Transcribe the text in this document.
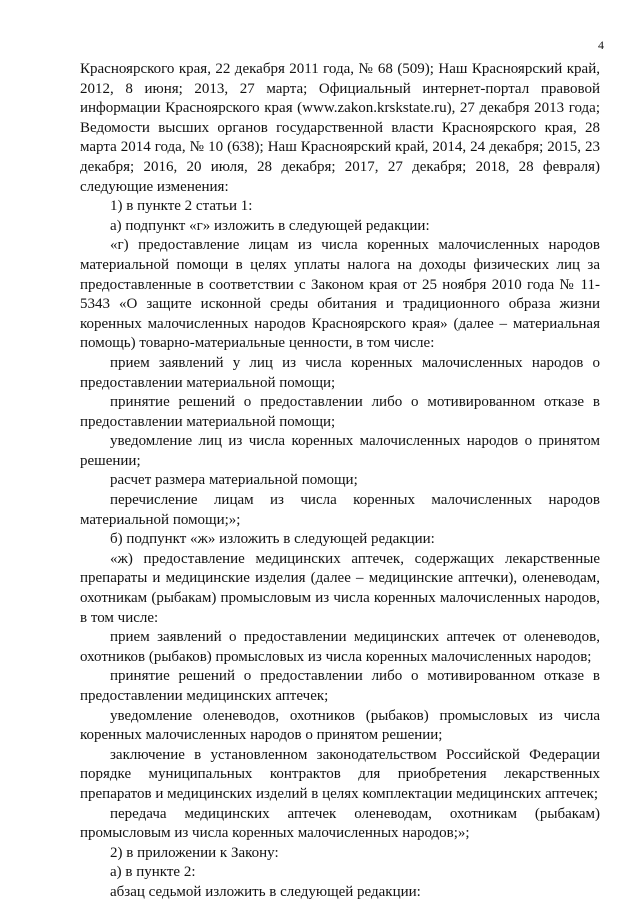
4

Красноярского края, 22 декабря 2011 года, № 68 (509); Наш Красноярский край, 2012, 8 июня; 2013, 27 марта; Официальный интернет-портал правовой информации Красноярского края (www.zakon.krskstate.ru), 27 декабря 2013 года; Ведомости высших органов государственной власти Красноярского края, 28 марта 2014 года, № 10 (638); Наш Красноярский край, 2014, 24 декабря; 2015, 23 декабря; 2016, 20 июля, 28 декабря; 2017, 27 декабря; 2018, 28 февраля) следующие изменения:

1) в пункте 2 статьи 1:

а) подпункт «г» изложить в следующей редакции:

«г) предоставление лицам из числа коренных малочисленных народов материальной помощи в целях уплаты налога на доходы физических лиц за предоставленные в соответствии с Законом края от 25 ноября 2010 года № 11-5343 «О защите исконной среды обитания и традиционного образа жизни коренных малочисленных народов Красноярского края» (далее – материальная помощь) товарно-материальные ценности, в том числе:

прием заявлений у лиц из числа коренных малочисленных народов о предоставлении материальной помощи;

принятие решений о предоставлении либо о мотивированном отказе в предоставлении материальной помощи;

уведомление лиц из числа коренных малочисленных народов о принятом решении;

расчет размера материальной помощи;

перечисление лицам из числа коренных малочисленных народов материальной помощи;»;

б) подпункт «ж» изложить в следующей редакции:

«ж) предоставление медицинских аптечек, содержащих лекарственные препараты и медицинские изделия (далее – медицинские аптечки), оленеводам, охотникам (рыбакам) промысловым из числа коренных малочисленных народов, в том числе:

прием заявлений о предоставлении медицинских аптечек от оленеводов, охотников (рыбаков) промысловых из числа коренных малочисленных народов;

принятие решений о предоставлении либо о мотивированном отказе в предоставлении медицинских аптечек;

уведомление оленеводов, охотников (рыбаков) промысловых из числа коренных малочисленных народов о принятом решении;

заключение в установленном законодательством Российской Федерации порядке муниципальных контрактов для приобретения лекарственных препаратов и медицинских изделий в целях комплектации медицинских аптечек;

передача медицинских аптечек оленеводам, охотникам (рыбакам) промысловым из числа коренных малочисленных народов;»;

2) в приложении к Закону:

а) в пункте 2:

абзац седьмой изложить в следующей редакции:
